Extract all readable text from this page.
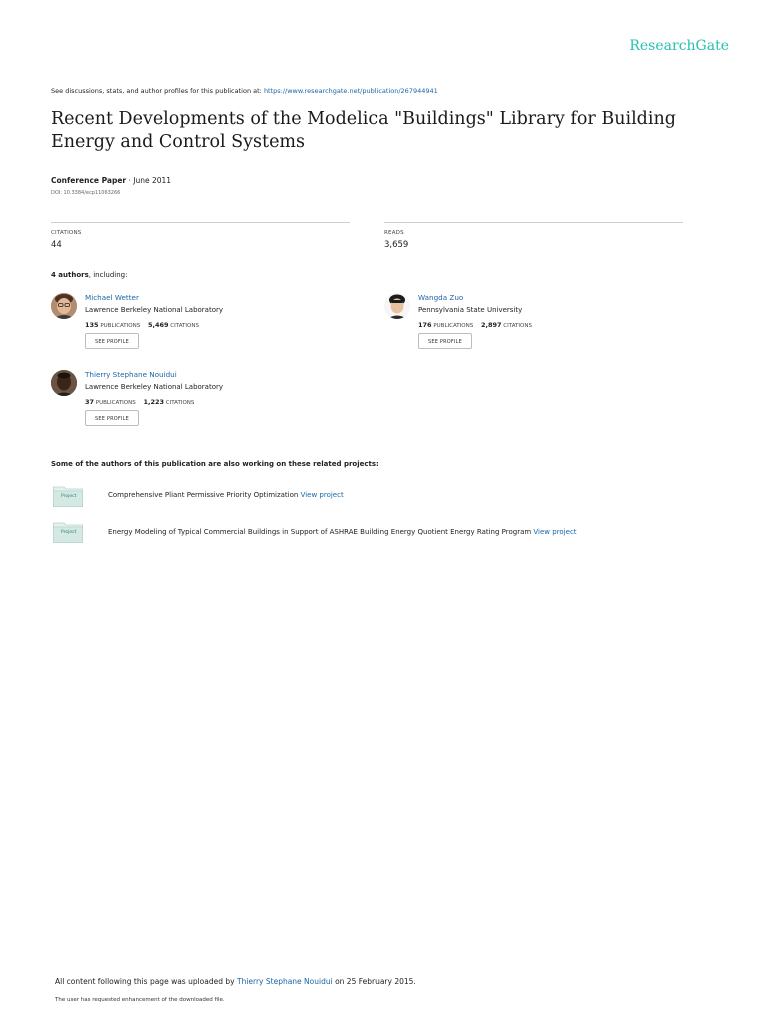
ResearchGate
See discussions, stats, and author profiles for this publication at: https://www.researchgate.net/publication/267944941
Recent Developments of the Modelica "Buildings" Library for Building Energy and Control Systems
Conference Paper · June 2011
DOI: 10.3384/ecp11063266
CITATIONS
44
READS
3,659
4 authors, including:
Michael Wetter
Lawrence Berkeley National Laboratory
135 PUBLICATIONS 5,469 CITATIONS
SEE PROFILE
Wangda Zuo
Pennsylvania State University
176 PUBLICATIONS 2,897 CITATIONS
SEE PROFILE
Thierry Stephane Nouidui
Lawrence Berkeley National Laboratory
37 PUBLICATIONS 1,223 CITATIONS
SEE PROFILE
Some of the authors of this publication are also working on these related projects:
Project	Comprehensive Pliant Permissive Priority Optimization View project
Project	Energy Modeling of Typical Commercial Buildings in Support of ASHRAE Building Energy Quotient Energy Rating Program View project
All content following this page was uploaded by Thierry Stephane Nouidui on 25 February 2015.
The user has requested enhancement of the downloaded file.
